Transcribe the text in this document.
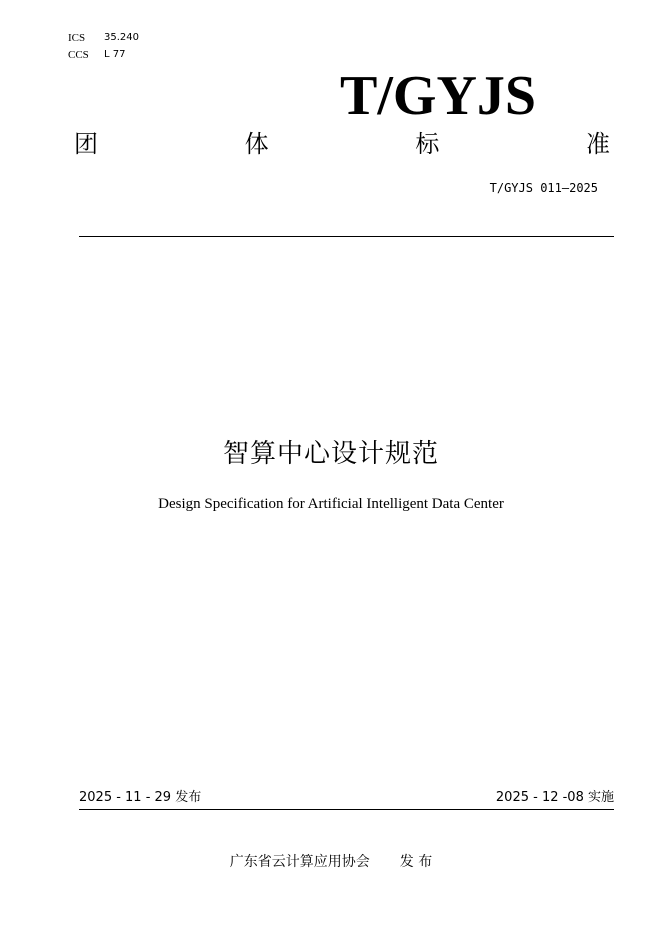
ICS 35.240
CCS L 77
T/GYJS
团	体	标	准
T/GYJS 011—2025
智算中心设计规范
Design Specification for Artificial Intelligent Data Center
2025 - 11 - 29 发布	2025 - 12 -08 实施
广东省云计算应用协会 发 布
